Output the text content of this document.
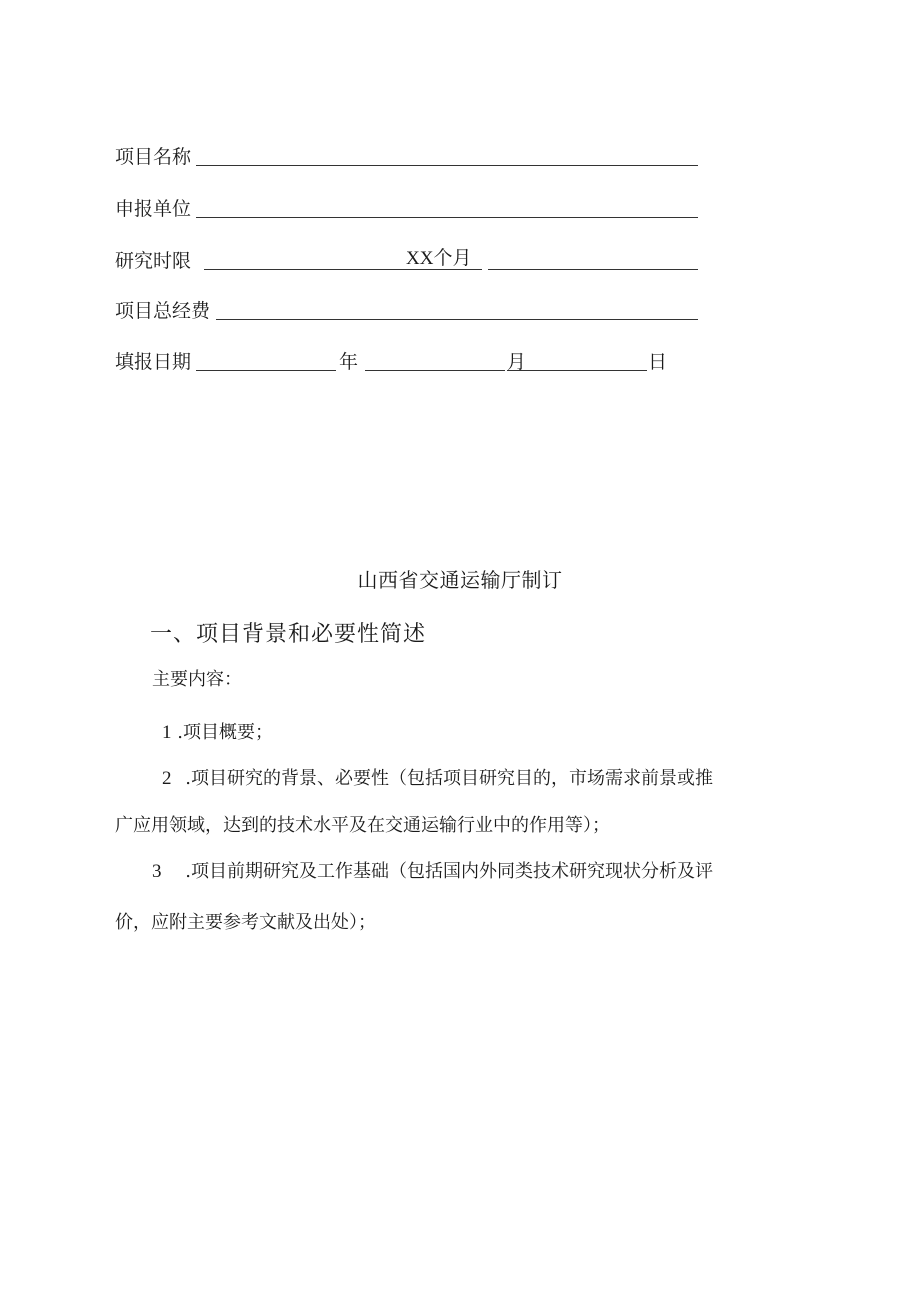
项目名称
申报单位
研究时限	XX个月
项目总经费
填报日期	年	月	日
山西省交通运输厅制订
一、项目背景和必要性简述
主要内容：
1 .项目概要；
2 .项目研究的背景、必要性（包括项目研究目的，市场需求前景或推
广应用领域，达到的技术水平及在交通运输行业中的作用等）；
3 .项目前期研究及工作基础（包括国内外同类技术研究现状分析及评
价，应附主要参考文献及出处）；
